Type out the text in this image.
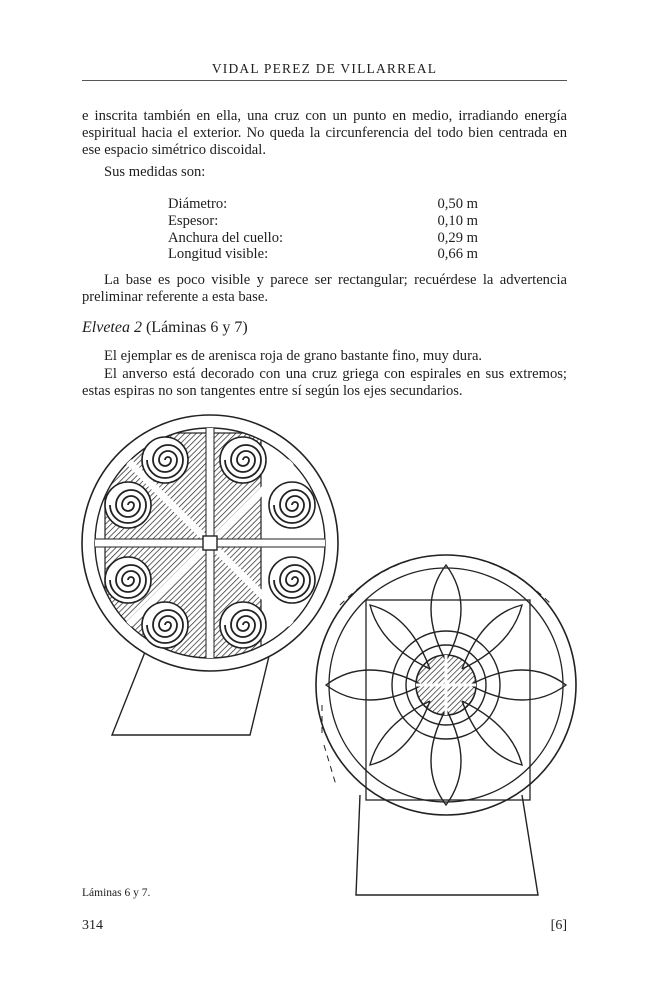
VIDAL PEREZ DE VILLARREAL

e inscrita también en ella, una cruz con un punto en medio, irradiando energía espiritual hacia el exterior. No queda la circunferencia del todo bien centrada en ese espacio simétrico discoidal.

Sus medidas son:

Diámetro:	0,50 m
Espesor:	0,10 m
Anchura del cuello:	0,29 m
Longitud visible:	0,66 m

La base es poco visible y parece ser rectangular; recuérdese la advertencia preliminar referente a esta base.

Elvetea 2 (Láminas 6 y 7)

El ejemplar es de arenisca roja de grano bastante fino, muy dura.

El anverso está decorado con una cruz griega con espirales en sus extremos; estas espiras no son tangentes entre sí según los ejes secundarios.

Láminas 6 y 7.
314	[6]
